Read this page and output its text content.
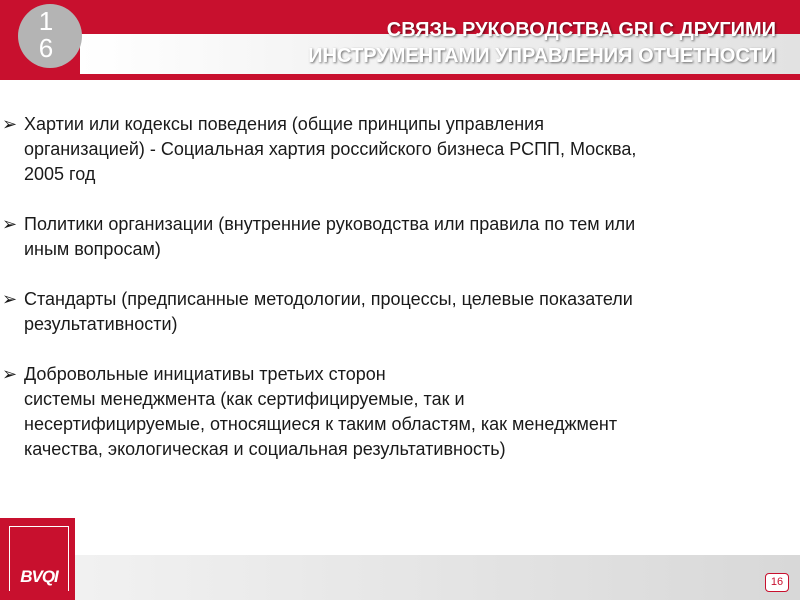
1
6
СВЯЗЬ РУКОВОДСТВА GRI С ДРУГИМИ
ИНСТРУМЕНТАМИ УПРАВЛЕНИЯ ОТЧЕТНОСТИ
➢ Хартии или кодексы поведения (общие принципы управления
организацией) - Социальная хартия российского бизнеса РСПП, Москва,
2005 год
➢ Политики организации (внутренние руководства или правила по тем или
иным вопросам)
➢ Стандарты (предписанные методологии, процессы, целевые показатели
результативности)
➢ Добровольные инициативы третьих сторон
системы менеджмента (как сертифицируемые, так и
несертифицируемые, относящиеся к таким областям, как менеджмент
качества, экологическая и социальная результативность)
BVQI	16
